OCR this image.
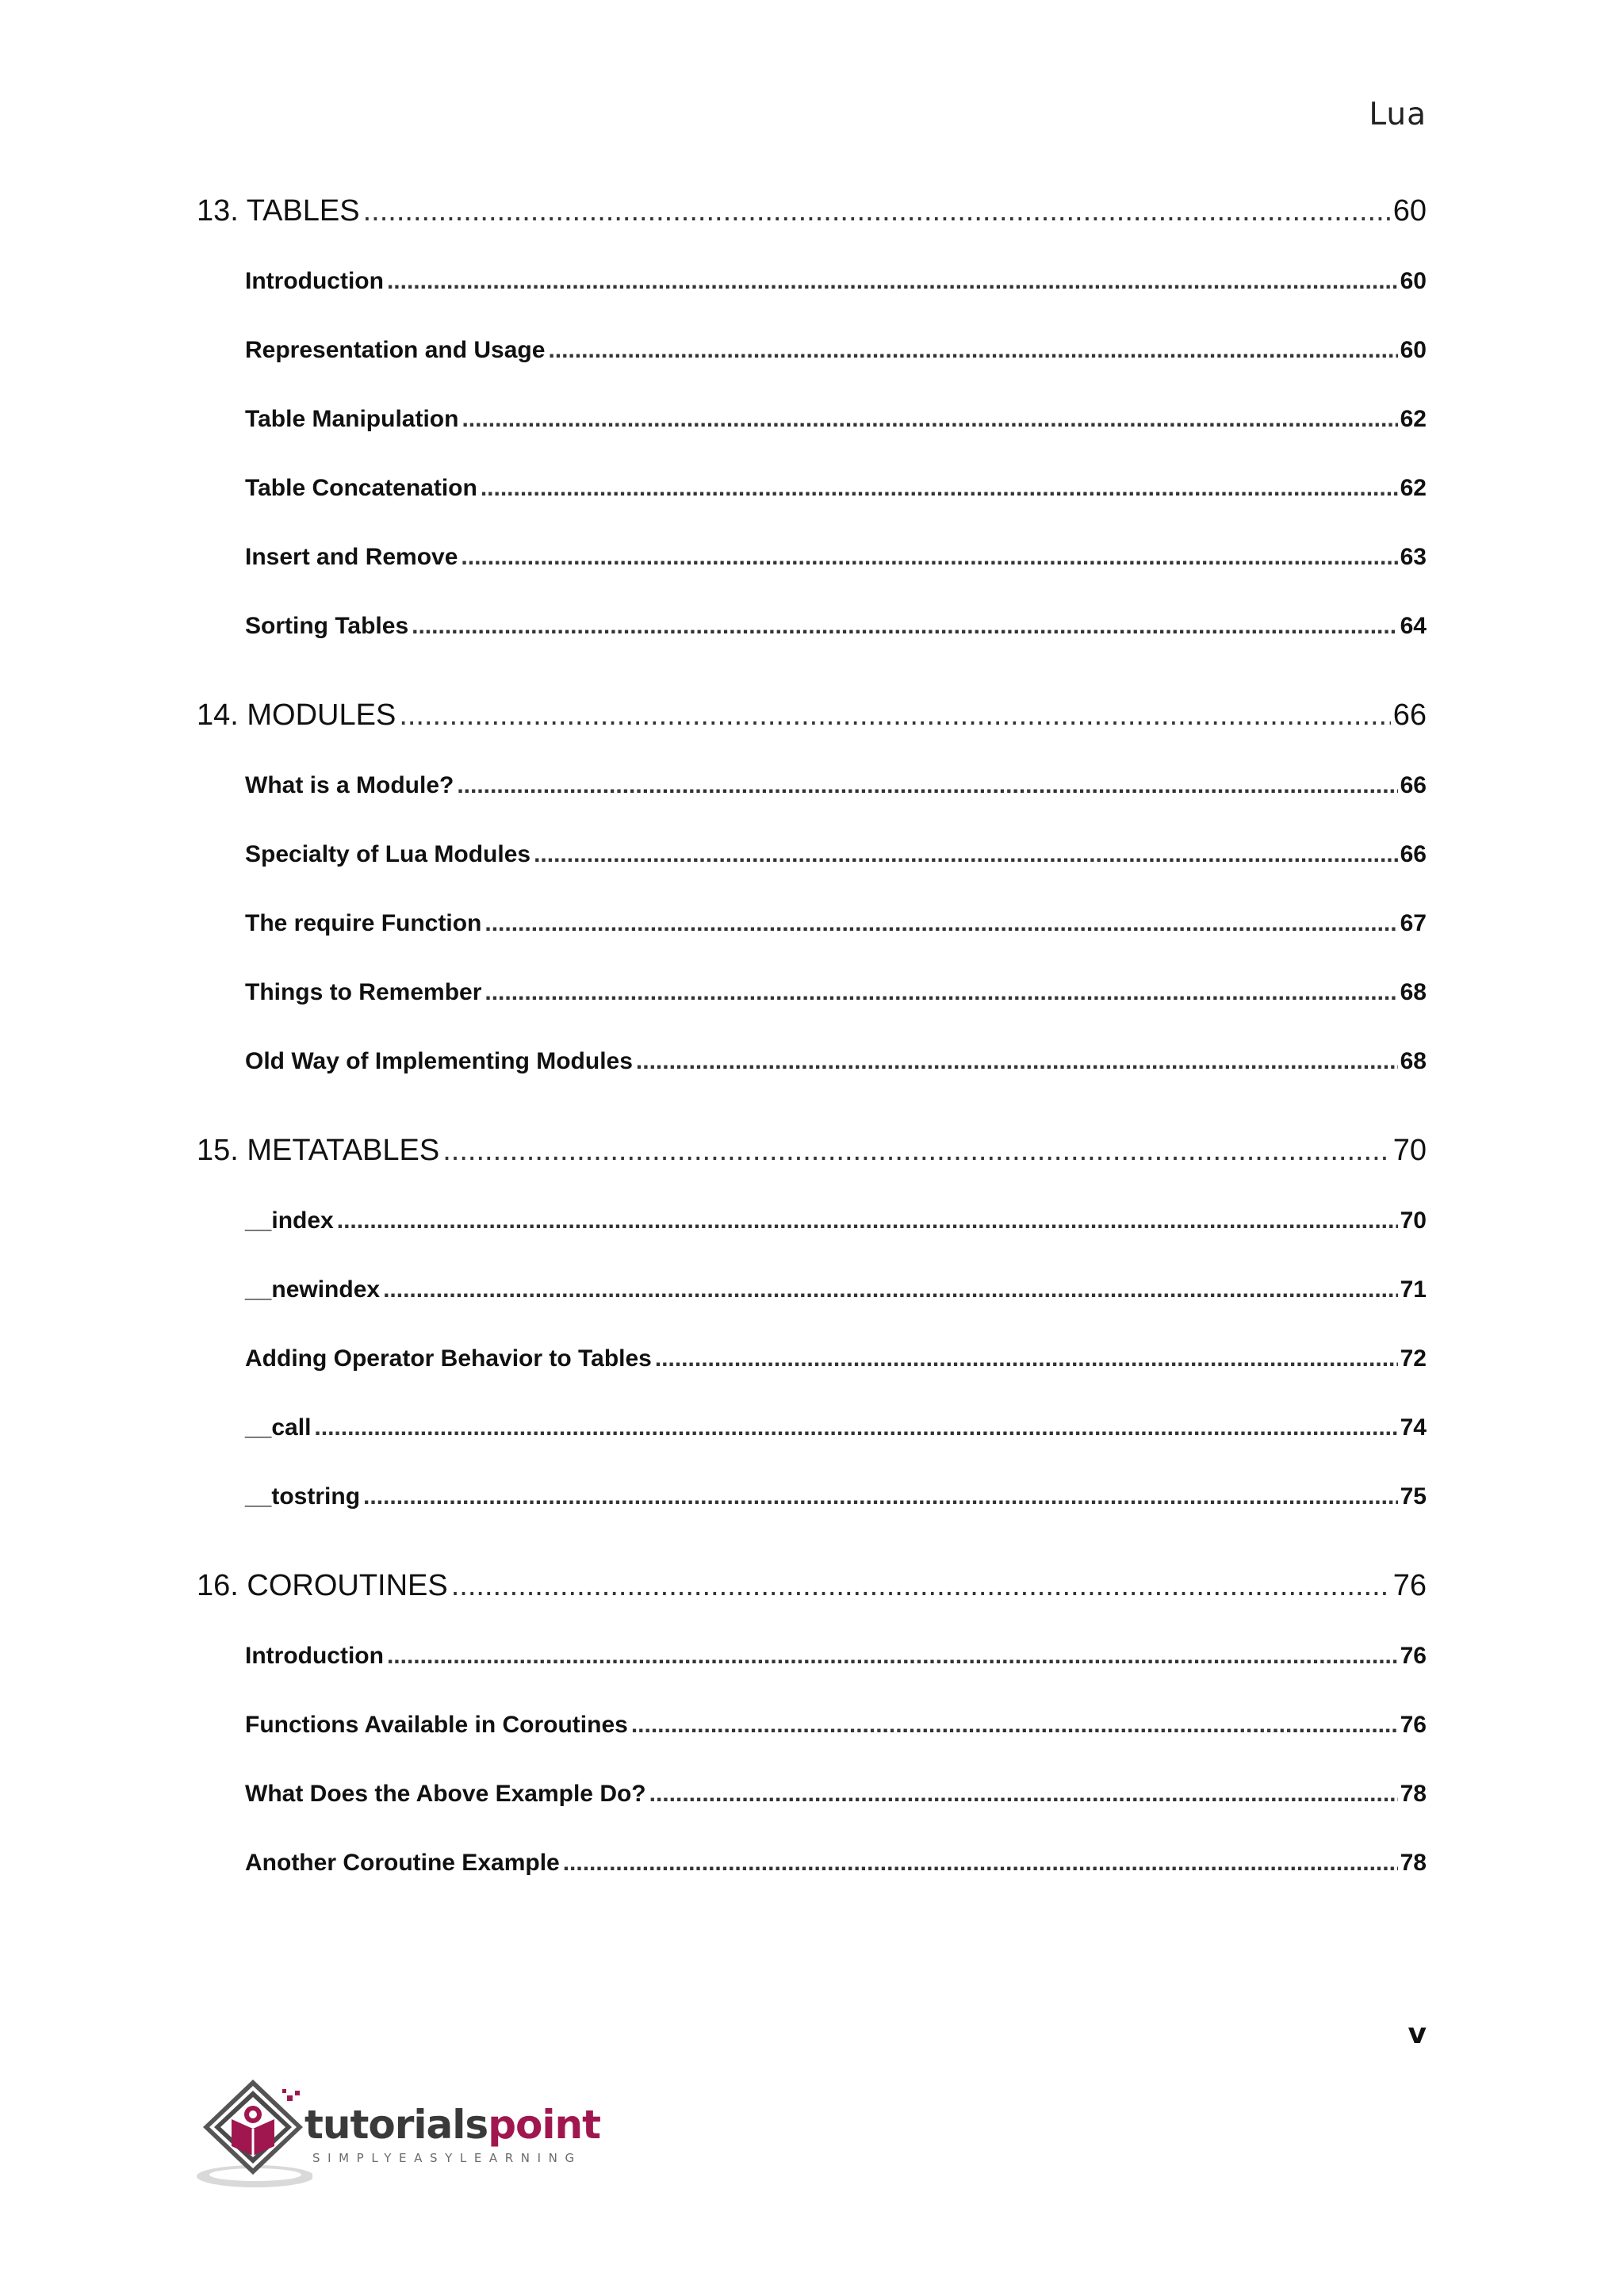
Lua
13. TABLES .....	60
Introduction .....	60
Representation and Usage .....	60
Table Manipulation .....	62
Table Concatenation .....	62
Insert and Remove .....	63
Sorting Tables .....	64
14. MODULES .....	66
What is a Module? .....	66
Specialty of Lua Modules .....	66
The require Function .....	67
Things to Remember .....	68
Old Way of Implementing Modules .....	68
15. METATABLES .....	70
__index .....	70
__newindex .....	71
Adding Operator Behavior to Tables .....	72
__call .....	74
__tostring .....	75
16. COROUTINES .....	76
Introduction .....	76
Functions Available in Coroutines .....	76
What Does the Above Example Do? .....	78
Another Coroutine Example .....	78
v
tutorialspoint
SIMPLYEASYLEARNING
